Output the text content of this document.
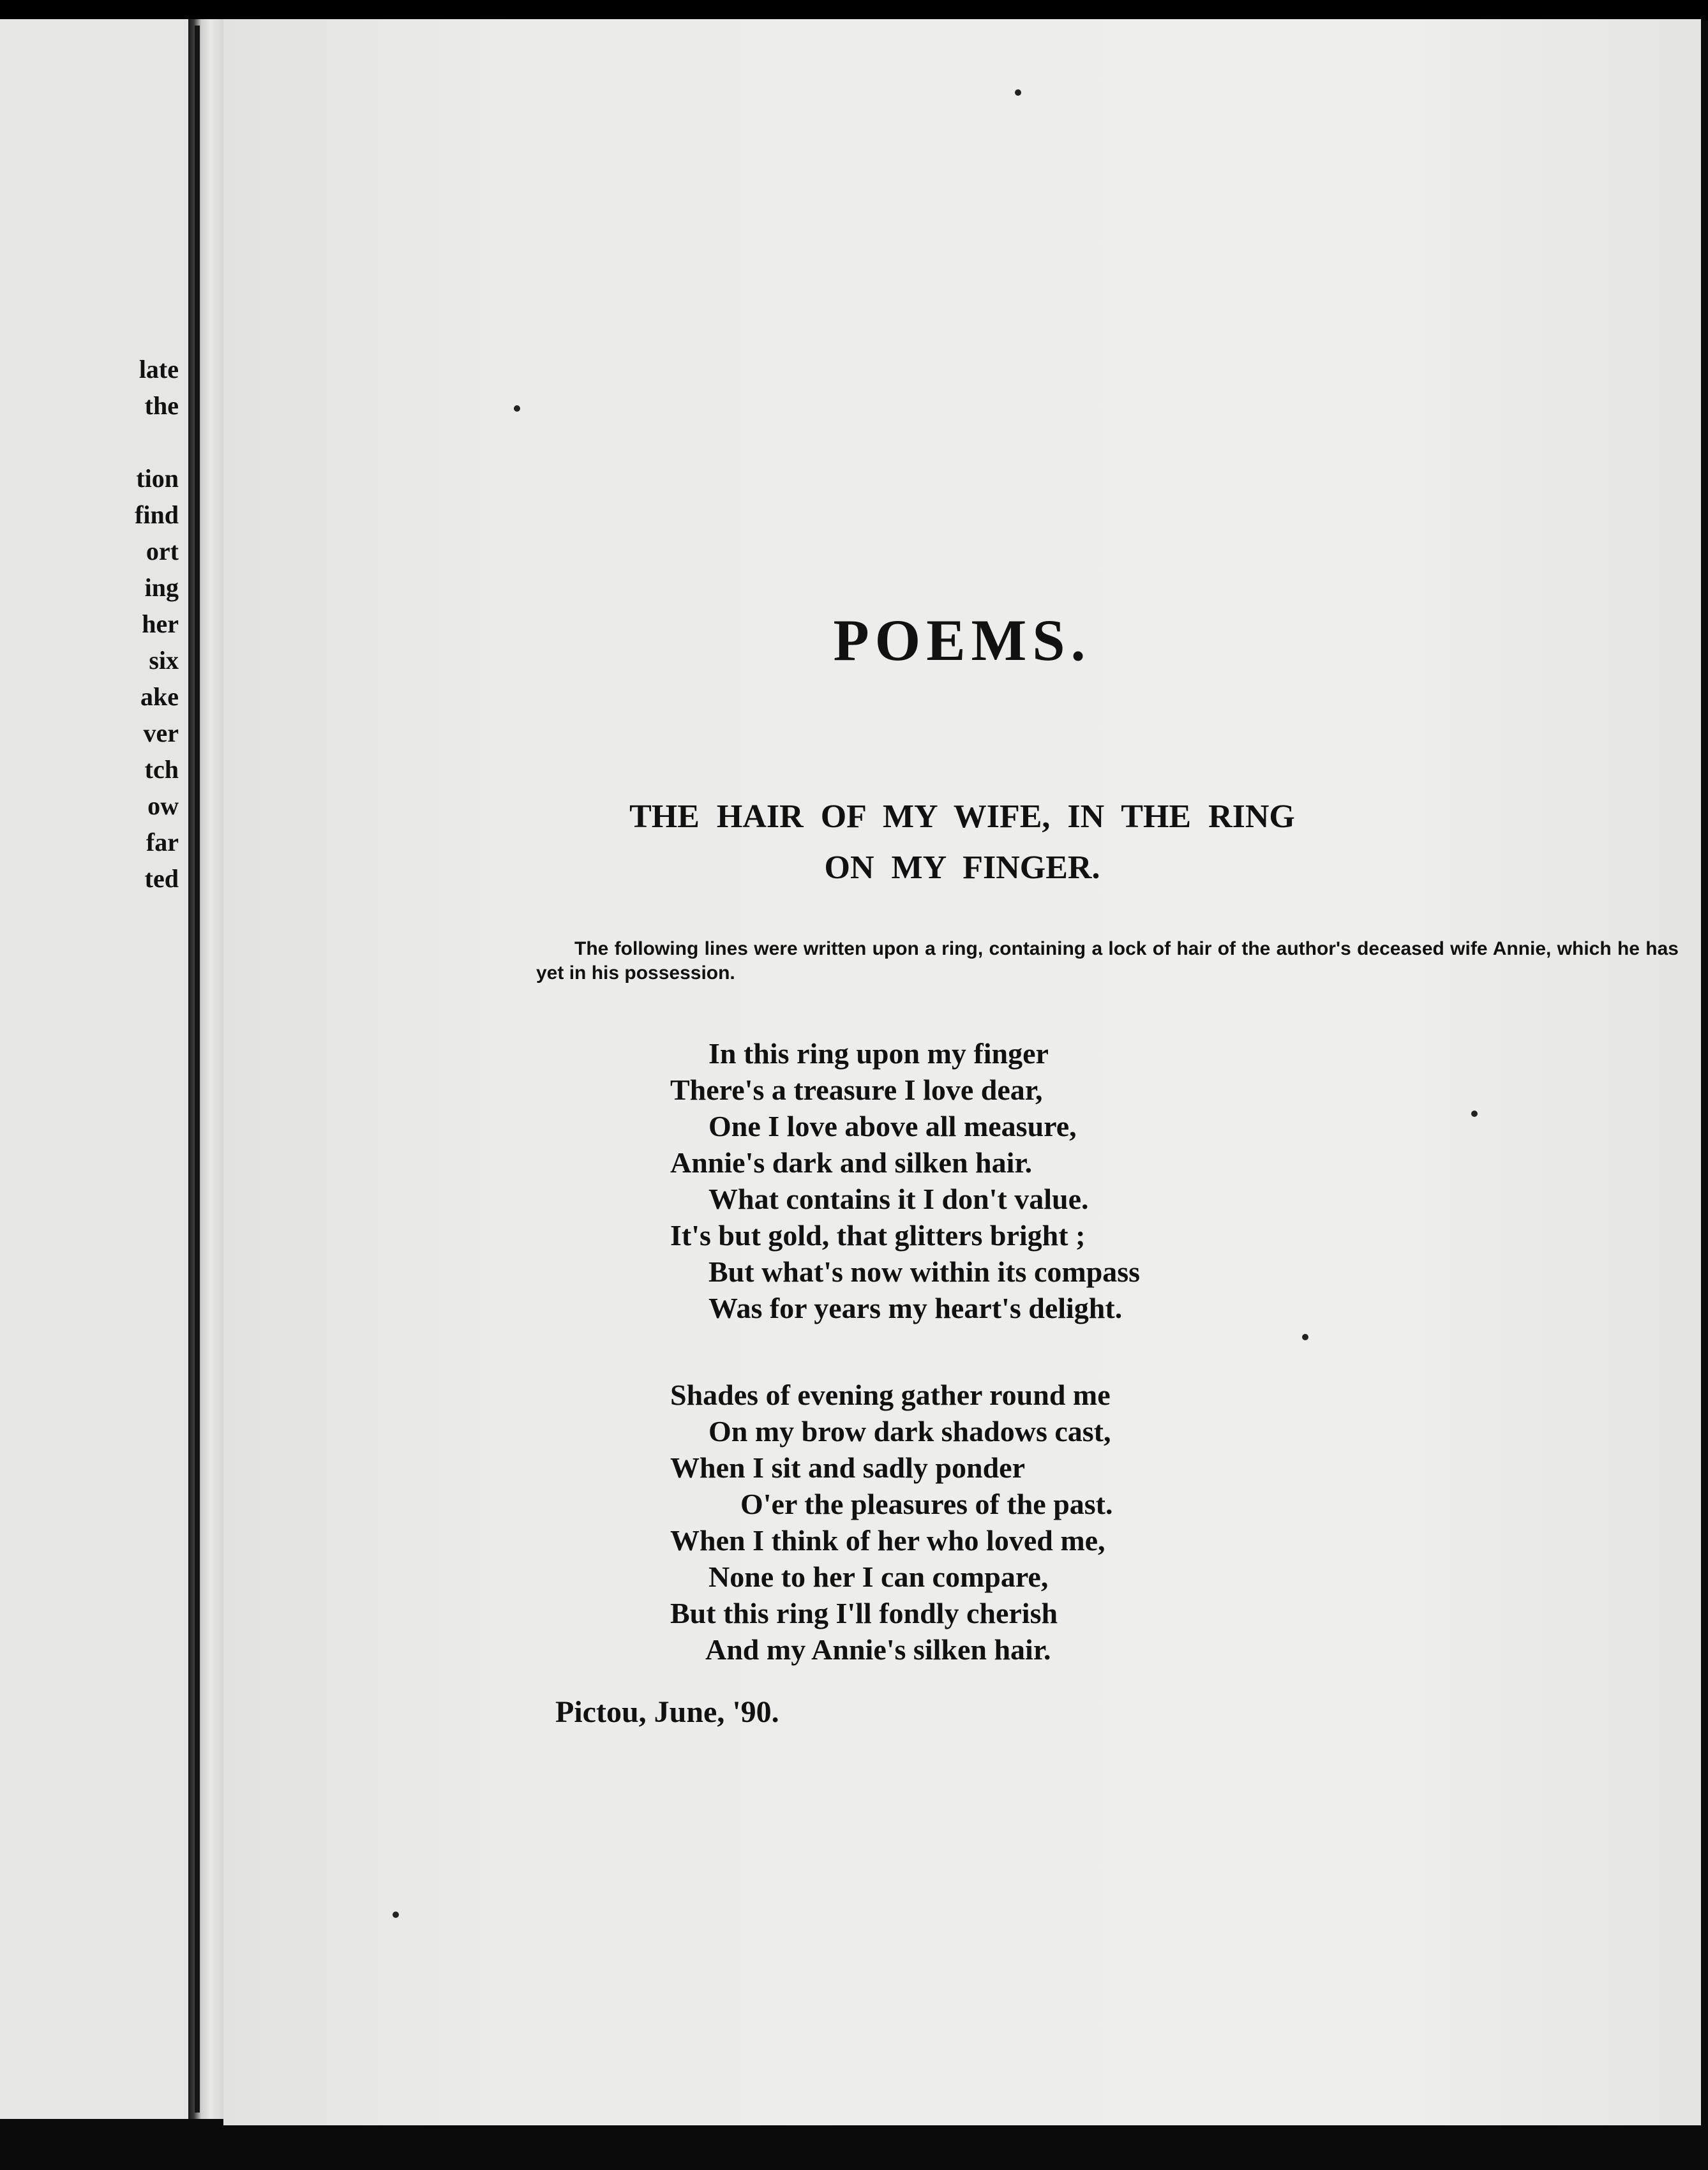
late
the

tion
find
ort
ing
her
six
ake
ver
tch
ow
far
ted
POEMS.
THE HAIR OF MY WIFE, IN THE RING
ON MY FINGER.
The following lines were written upon a ring, containing a lock of hair of the author's deceased wife Annie, which he has yet in his possession.
In this ring upon my finger
There's a treasure I love dear,
One I love above all measure,
Annie's dark and silken hair.
What contains it I don't value.
It's but gold, that glitters bright ;
But what's now within its compass
Was for years my heart's delight.
Shades of evening gather round me
On my brow dark shadows cast,
When I sit and sadly ponder
O'er the pleasures of the past.
When I think of her who loved me,
None to her I can compare,
But this ring I'll fondly cherish
And my Annie's silken hair.
Pictou, June, '90.
